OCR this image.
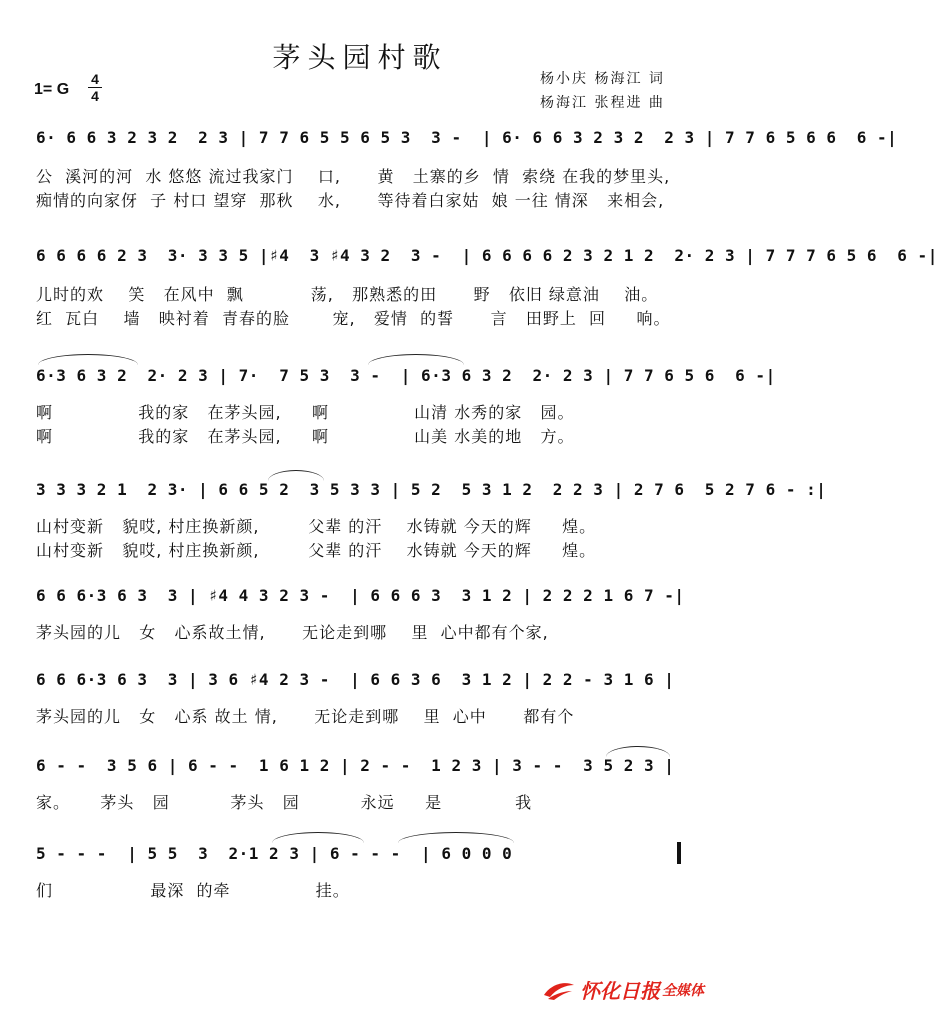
茅头园村歌
1= G
4
4
杨小庆 杨海江 词
杨海江 张程进 曲
6· 6 6 3 2 3 2  2 3 | 7 7 6 5 5 6 5 3  3 -  | 6· 6 6 3 2 3 2  2 3 | 7 7 6 5 6 6  6 -|
公  溪河的河  水 悠悠 流过我家门    口,      黄   土寨的乡  情  索绕 在我的梦里头,
痴情的向家伢  子 村口 望穿  那秋    水,      等待着白家姑  娘 一往 情深   来相会,
6 6 6 6 2 3  3· 3 3 5 |♯4  3 ♯4 3 2  3 -  | 6 6 6 6 2 3 2 1 2  2· 2 3 | 7 7 7 6 5 6  6 -|
儿时的欢    笑   在风中  飘           荡,   那熟悉的田      野   依旧 绿意油    油。
红  瓦白    墙   映衬着  青春的脸       宠,   爱情  的誓      言   田野上  回     响。
6·3 6 3 2  2· 2 3 | 7·  7 5 3  3 -  | 6·3 6 3 2  2· 2 3 | 7 7 6 5 6  6 -|
啊              我的家   在茅头园,     啊              山清 水秀的家   园。
啊              我的家   在茅头园,     啊              山美 水美的地   方。
3 3 3 2 1  2 3· | 6 6 5 2  3 5 3 3 | 5 2  5 3 1 2  2 2 3 | 2 7 6  5 2 7 6 - :|
山村变新   貌哎, 村庄换新颜,        父辈 的汗    水铸就 今天的辉     煌。
山村变新   貌哎, 村庄换新颜,        父辈 的汗    水铸就 今天的辉     煌。
6 6 6·3 6 3  3 | ♯4 4 3 2 3 -  | 6 6 6 3  3 1 2 | 2 2 2 1 6 7 -|
茅头园的儿   女   心系故土情,      无论走到哪    里  心中都有个家,
6 6 6·3 6 3  3 | 3 6 ♯4 2 3 -  | 6 6 3 6  3 1 2 | 2 2 - 3 1 6 |
茅头园的儿   女   心系 故土 情,      无论走到哪    里  心中      都有个
6 - -  3 5 6 | 6 - -  1 6 1 2 | 2 - -  1 2 3 | 3 - -  3 5 2 3 |
家。     茅头   园          茅头   园          永远     是            我
5 - - -  | 5 5  3  2·1 2 3 | 6 - - -  | 6 0 0 0
们                最深  的牵              挂。
怀化日报 全媒体
